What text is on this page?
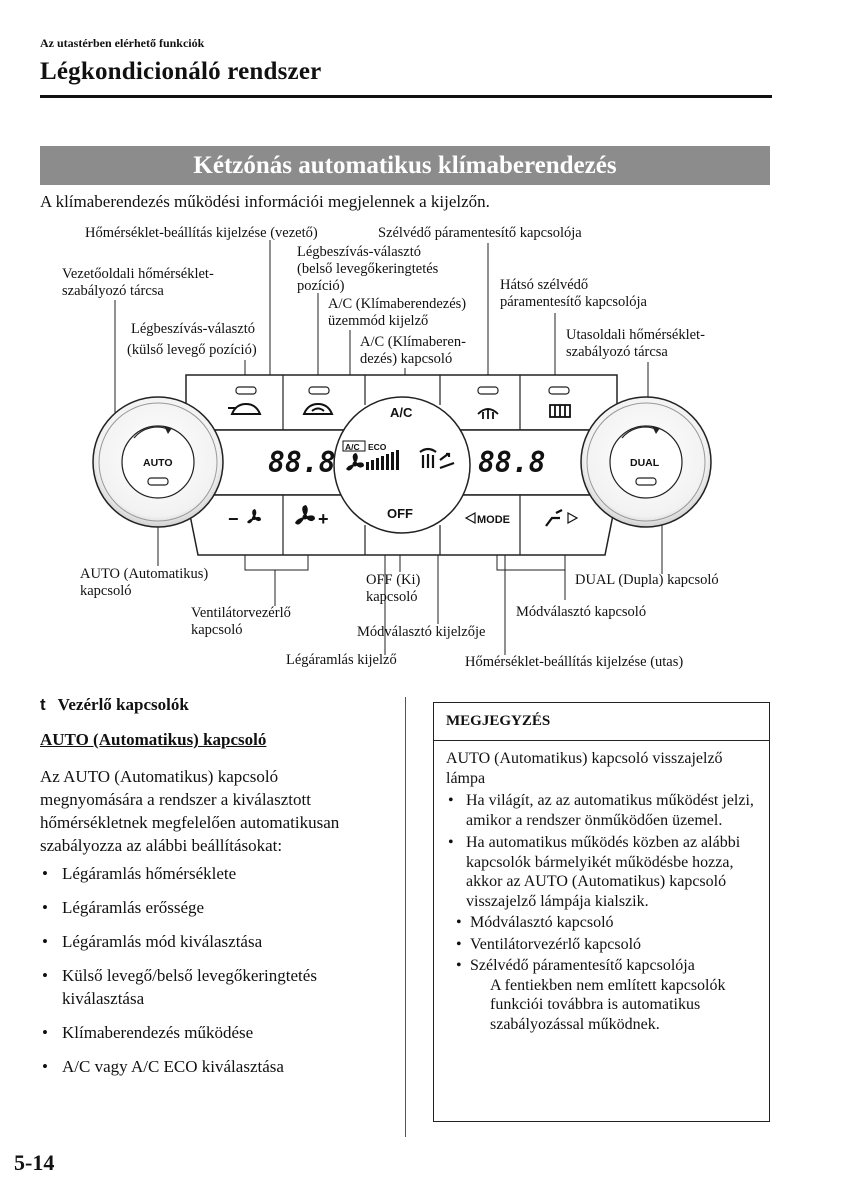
Az utastérben elérhető funkciók
Légkondicionáló rendszer
Kétzónás automatikus klímaberendezés
A klímaberendezés működési információi megjelennek a kijelzőn.
88.8	88.8
A/C ECO
A/C
OFF
−	+	MODE
AUTO	DUAL
Hőmérséklet-beállítás kijelzése (vezető)	Szélvédő páramentesítő kapcsolója
Légbeszívás-választó
(belső levegőkeringtetés
pozíció)
Vezetőoldali hőmérséklet-
szabályozó tárcsa	Hátsó szélvédő
páramentesítő kapcsolója
A/C (Klímaberendezés)
üzemmód kijelző
Légbeszívás-választó
(külső levegő pozíció)	A/C (Klímaberen-
dezés) kapcsoló
Utasoldali hőmérséklet-
szabályozó tárcsa
AUTO (Automatikus)
kapcsoló
OFF (Ki)
kapcsoló
DUAL (Dupla) kapcsoló
Ventilátorvezérlő
kapcsoló
Módválasztó kapcsoló
Módválasztó kijelzője
Légáramlás kijelző	Hőmérséklet-beállítás kijelzése (utas)
t Vezérlő kapcsolók
AUTO (Automatikus) kapcsoló
Az AUTO (Automatikus) kapcsoló megnyomására a rendszer a kiválasztott hőmérsékletnek megfelelően automatikusan szabályozza az alábbi beállításokat:
• Légáramlás hőmérséklete
• Légáramlás erőssége
• Légáramlás mód kiválasztása
• Külső levegő/belső levegőkeringtetés kiválasztása
• Klímaberendezés működése
• A/C vagy A/C ECO kiválasztása
MEGJEGYZÉS
AUTO (Automatikus) kapcsoló visszajelző lámpa
• Ha világít, az az automatikus működést jelzi, amikor a rendszer önműködően üzemel.
• Ha automatikus működés közben az alábbi kapcsolók bármelyikét működésbe hozza, akkor az AUTO (Automatikus) kapcsoló visszajelző lámpája kialszik.
• Módválasztó kapcsoló
• Ventilátorvezérlő kapcsoló
• Szélvédő páramentesítő kapcsolója
A fentiekben nem említett kapcsolók funkciói továbbra is automatikus szabályozással működnek.
5-14
